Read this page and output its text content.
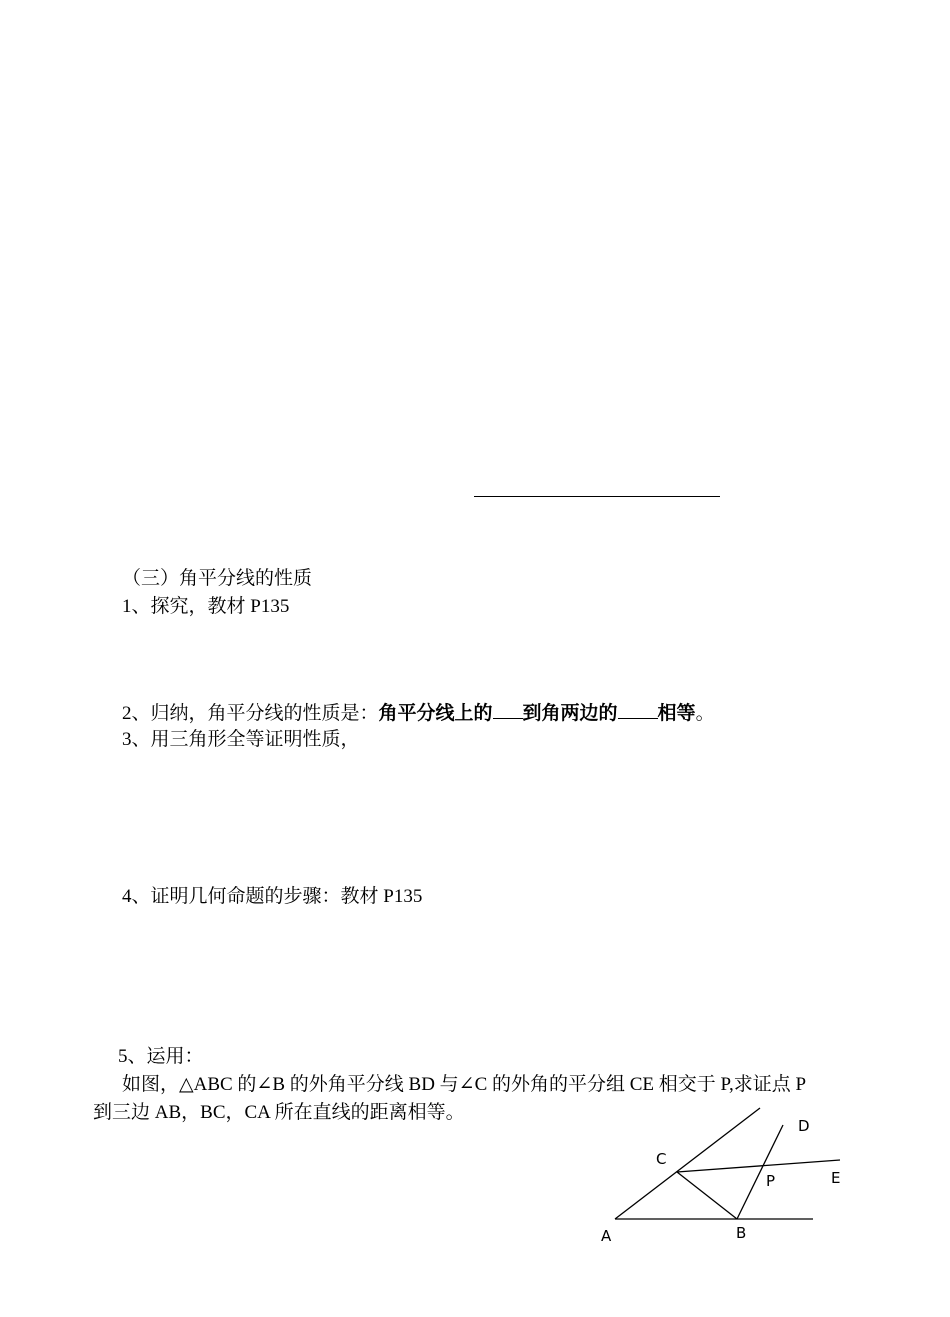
（三）角平分线的性质
1、探究，教材 P135
2、归纳，角平分线的性质是：角平分线上的 到角两边的 相等。
3、用三角形全等证明性质，
4、证明几何命题的步骤：教材 P135
5、运用：
如图，△ABC 的∠B 的外角平分线 BD 与∠C 的外角的平分组 CE 相交于 P,求证点 P
到三边 AB，BC，CA 所在直线的距离相等。
A	B
C
D
E
P
